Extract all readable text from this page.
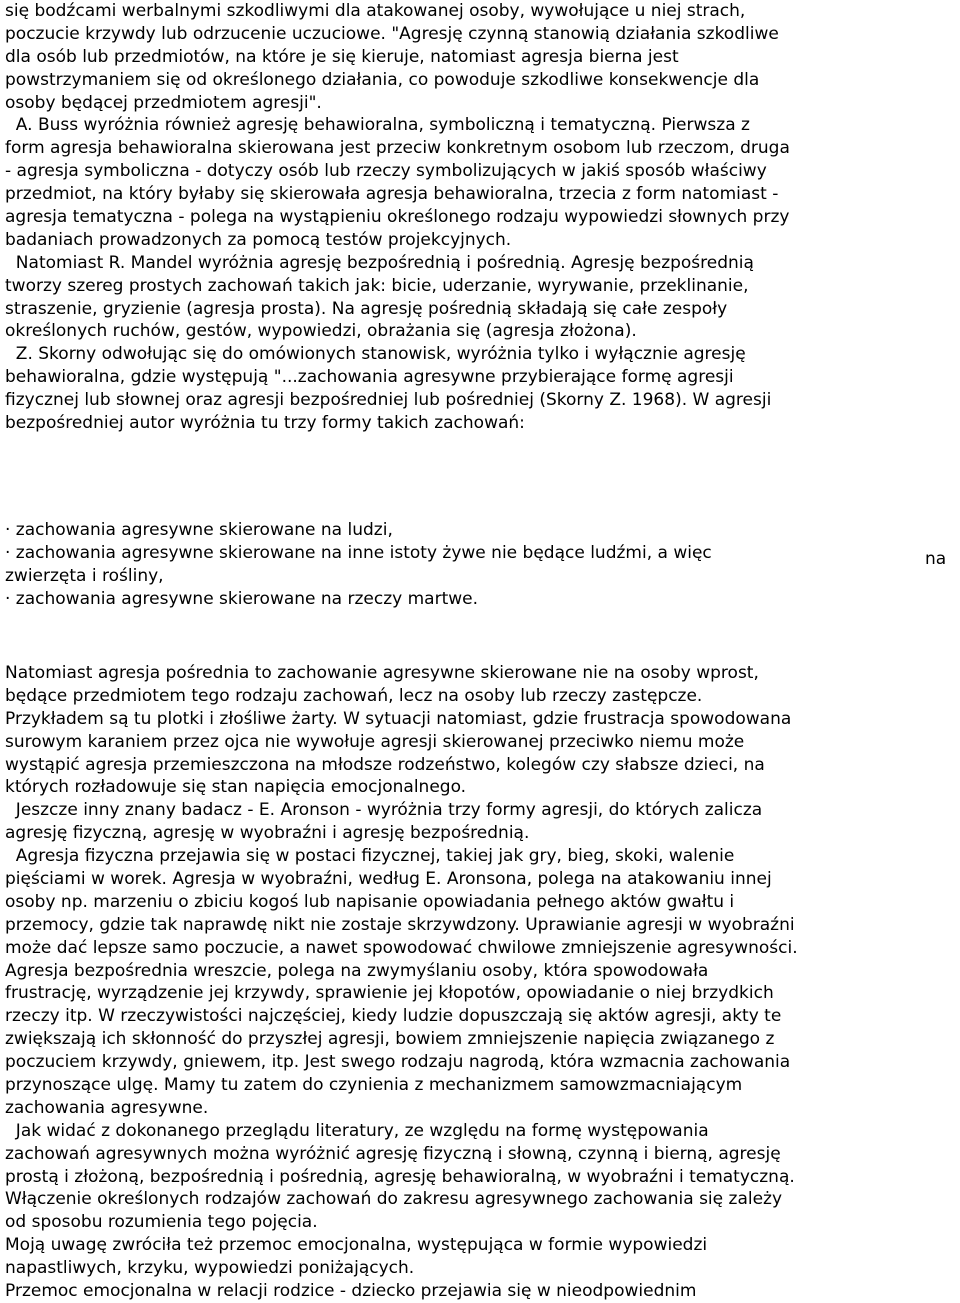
się bodźcami werbalnymi szkodliwymi dla atakowanej osoby, wywołujące u niej strach,
poczucie krzywdy lub odrzucenie uczuciowe. "Agresję czynną stanowią działania szkodliwe
dla osób lub przedmiotów, na które je się kieruje, natomiast agresja bierna jest
powstrzymaniem się od określonego działania, co powoduje szkodliwe konsekwencje dla
osoby będącej przedmiotem agresji".
A. Buss wyróżnia również agresję behawioralna, symboliczną i tematyczną. Pierwsza z
form agresja behawioralna skierowana jest przeciw konkretnym osobom lub rzeczom, druga
- agresja symboliczna - dotyczy osób lub rzeczy symbolizujących w jakiś sposób właściwy
przedmiot, na który byłaby się skierowała agresja behawioralna, trzecia z form natomiast -
agresja tematyczna - polega na wystąpieniu określonego rodzaju wypowiedzi słownych przy
badaniach prowadzonych za pomocą testów projekcyjnych.
Natomiast R. Mandel wyróżnia agresję bezpośrednią i pośrednią. Agresję bezpośrednią
tworzy szereg prostych zachowań takich jak: bicie, uderzanie, wyrywanie, przeklinanie,
straszenie, gryzienie (agresja prosta). Na agresję pośrednią składają się całe zespoły
określonych ruchów, gestów, wypowiedzi, obrażania się (agresja złożona).
Z. Skorny odwołując się do omówionych stanowisk, wyróżnia tylko i wyłącznie agresję
behawioralna, gdzie występują "...zachowania agresywne przybierające formę agresji
fizycznej lub słownej oraz agresji bezpośredniej lub pośredniej (Skorny Z. 1968). W agresji
bezpośredniej autor wyróżnia tu trzy formy takich zachowań:
· zachowania agresywne skierowane na ludzi,
· zachowania agresywne skierowane na inne istoty żywe nie będące ludźmi, a więc
zwierzęta i rośliny,
· zachowania agresywne skierowane na rzeczy martwe.
na
Natomiast agresja pośrednia to zachowanie agresywne skierowane nie na osoby wprost,
będące przedmiotem tego rodzaju zachowań, lecz na osoby lub rzeczy zastępcze.
Przykładem są tu plotki i złośliwe żarty. W sytuacji natomiast, gdzie frustracja spowodowana
surowym karaniem przez ojca nie wywołuje agresji skierowanej przeciwko niemu może
wystąpić agresja przemieszczona na młodsze rodzeństwo, kolegów czy słabsze dzieci, na
których rozładowuje się stan napięcia emocjonalnego.
Jeszcze inny znany badacz - E. Aronson - wyróżnia trzy formy agresji, do których zalicza
agresję fizyczną, agresję w wyobraźni i agresję bezpośrednią.
Agresja fizyczna przejawia się w postaci fizycznej, takiej jak gry, bieg, skoki, walenie
pięściami w worek. Agresja w wyobraźni, według E. Aronsona, polega na atakowaniu innej
osoby np. marzeniu o zbiciu kogoś lub napisanie opowiadania pełnego aktów gwałtu i
przemocy, gdzie tak naprawdę nikt nie zostaje skrzywdzony. Uprawianie agresji w wyobraźni
może dać lepsze samo poczucie, a nawet spowodować chwilowe zmniejszenie agresywności.
Agresja bezpośrednia wreszcie, polega na zwymyślaniu osoby, która spowodowała
frustrację, wyrządzenie jej krzywdy, sprawienie jej kłopotów, opowiadanie o niej brzydkich
rzeczy itp. W rzeczywistości najczęściej, kiedy ludzie dopuszczają się aktów agresji, akty te
zwiększają ich skłonność do przyszłej agresji, bowiem zmniejszenie napięcia związanego z
poczuciem krzywdy, gniewem, itp. Jest swego rodzaju nagrodą, która wzmacnia zachowania
przynoszące ulgę. Mamy tu zatem do czynienia z mechanizmem samowzmacniającym
zachowania agresywne.
Jak widać z dokonanego przeglądu literatury, ze względu na formę występowania
zachowań agresywnych można wyróżnić agresję fizyczną i słowną, czynną i bierną, agresję
prostą i złożoną, bezpośrednią i pośrednią, agresję behawioralną, w wyobraźni i tematyczną.
Włączenie określonych rodzajów zachowań do zakresu agresywnego zachowania się zależy
od sposobu rozumienia tego pojęcia.
Moją uwagę zwróciła też przemoc emocjonalna, występująca w formie wypowiedzi
napastliwych, krzyku, wypowiedzi poniżających.
Przemoc emocjonalna w relacji rodzice - dziecko przejawia się w nieodpowiednim
